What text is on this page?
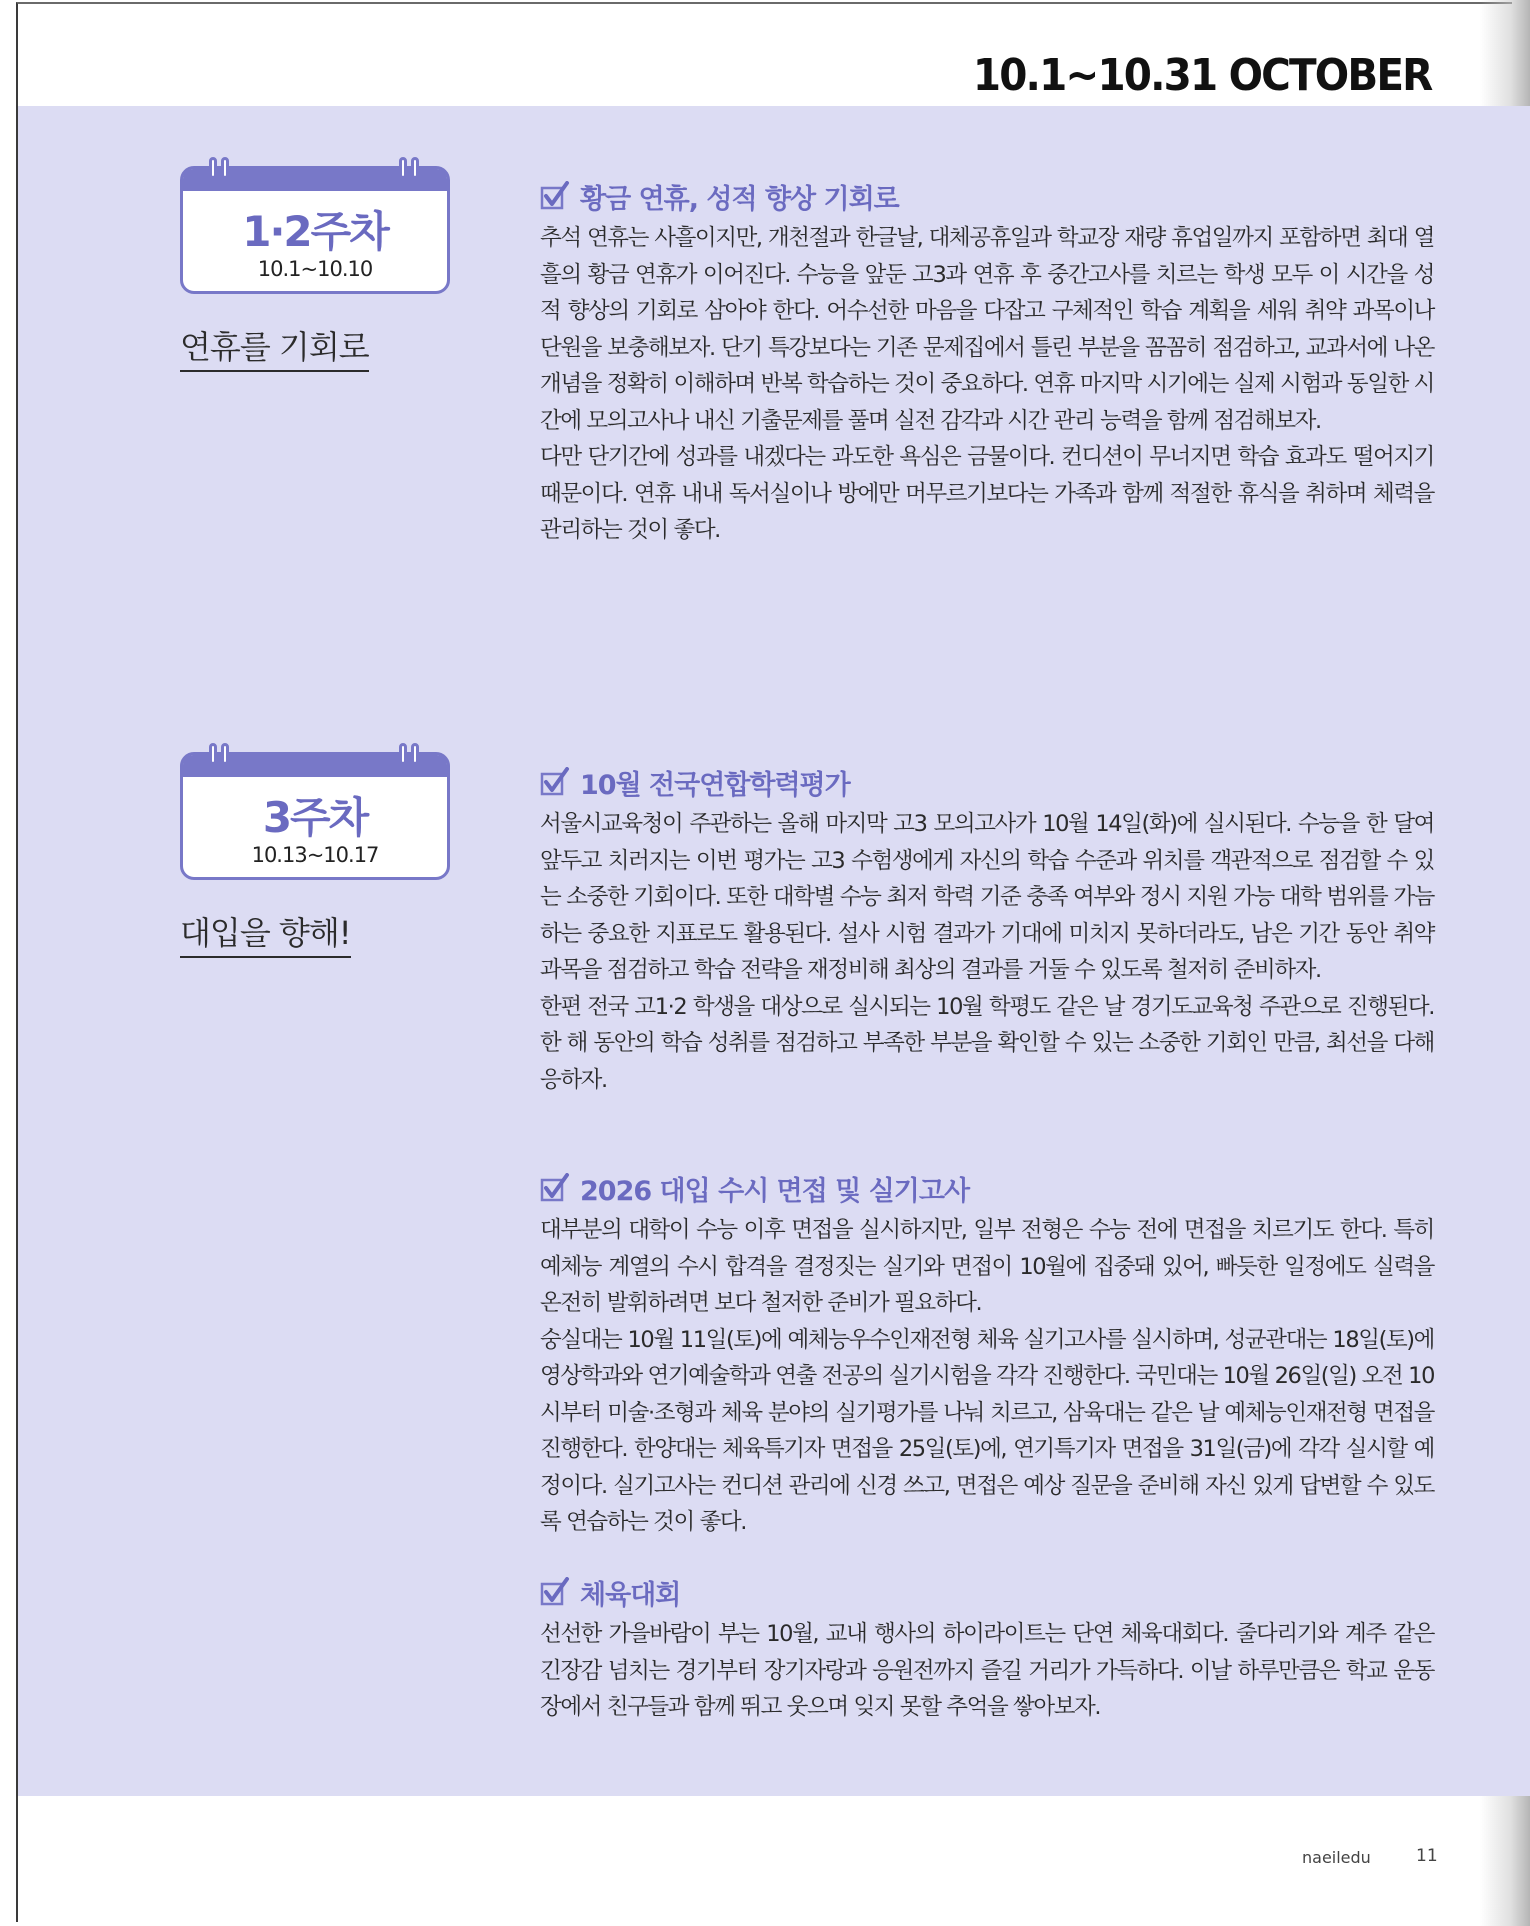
10.1~10.31 OCTOBER
1·2주차
10.1~10.10
연휴를 기회로
3주차
10.13~10.17
대입을 향해!
황금 연휴, 성적 향상 기회로

추석 연휴는 사흘이지만, 개천절과 한글날, 대체공휴일과 학교장 재량 휴업일까지 포함하면 최대 열흘의 황금 연휴가 이어진다. 수능을 앞둔 고3과 연휴 후 중간고사를 치르는 학생 모두 이 시간을 성적 향상의 기회로 삼아야 한다. 어수선한 마음을 다잡고 구체적인 학습 계획을 세워 취약 과목이나 단원을 보충해보자. 단기 특강보다는 기존 문제집에서 틀린 부분을 꼼꼼히 점검하고, 교과서에 나온 개념을 정확히 이해하며 반복 학습하는 것이 중요하다. 연휴 마지막 시기에는 실제 시험과 동일한 시간에 모의고사나 내신 기출문제를 풀며 실전 감각과 시간 관리 능력을 함께 점검해보자.

다만 단기간에 성과를 내겠다는 과도한 욕심은 금물이다. 컨디션이 무너지면 학습 효과도 떨어지기 때문이다. 연휴 내내 독서실이나 방에만 머무르기보다는 가족과 함께 적절한 휴식을 취하며 체력을 관리하는 것이 좋다.

10월 전국연합학력평가

서울시교육청이 주관하는 올해 마지막 고3 모의고사가 10월 14일(화)에 실시된다. 수능을 한 달여 앞두고 치러지는 이번 평가는 고3 수험생에게 자신의 학습 수준과 위치를 객관적으로 점검할 수 있는 소중한 기회이다. 또한 대학별 수능 최저 학력 기준 충족 여부와 정시 지원 가능 대학 범위를 가늠하는 중요한 지표로도 활용된다. 설사 시험 결과가 기대에 미치지 못하더라도, 남은 기간 동안 취약 과목을 점검하고 학습 전략을 재정비해 최상의 결과를 거둘 수 있도록 철저히 준비하자.

한편 전국 고1·2 학생을 대상으로 실시되는 10월 학평도 같은 날 경기도교육청 주관으로 진행된다. 한 해 동안의 학습 성취를 점검하고 부족한 부분을 확인할 수 있는 소중한 기회인 만큼, 최선을 다해 응하자.

2026 대입 수시 면접 및 실기고사

대부분의 대학이 수능 이후 면접을 실시하지만, 일부 전형은 수능 전에 면접을 치르기도 한다. 특히 예체능 계열의 수시 합격을 결정짓는 실기와 면접이 10월에 집중돼 있어, 빠듯한 일정에도 실력을 온전히 발휘하려면 보다 철저한 준비가 필요하다.

숭실대는 10월 11일(토)에 예체능우수인재전형 체육 실기고사를 실시하며, 성균관대는 18일(토)에 영상학과와 연기예술학과 연출 전공의 실기시험을 각각 진행한다. 국민대는 10월 26일(일) 오전 10시부터 미술·조형과 체육 분야의 실기평가를 나눠 치르고, 삼육대는 같은 날 예체능인재전형 면접을 진행한다. 한양대는 체육특기자 면접을 25일(토)에, 연기특기자 면접을 31일(금)에 각각 실시할 예정이다. 실기고사는 컨디션 관리에 신경 쓰고, 면접은 예상 질문을 준비해 자신 있게 답변할 수 있도록 연습하는 것이 좋다.

체육대회

선선한 가을바람이 부는 10월, 교내 행사의 하이라이트는 단연 체육대회다. 줄다리기와 계주 같은 긴장감 넘치는 경기부터 장기자랑과 응원전까지 즐길 거리가 가득하다. 이날 하루만큼은 학교 운동장에서 친구들과 함께 뛰고 웃으며 잊지 못할 추억을 쌓아보자.

naeiledu	11
